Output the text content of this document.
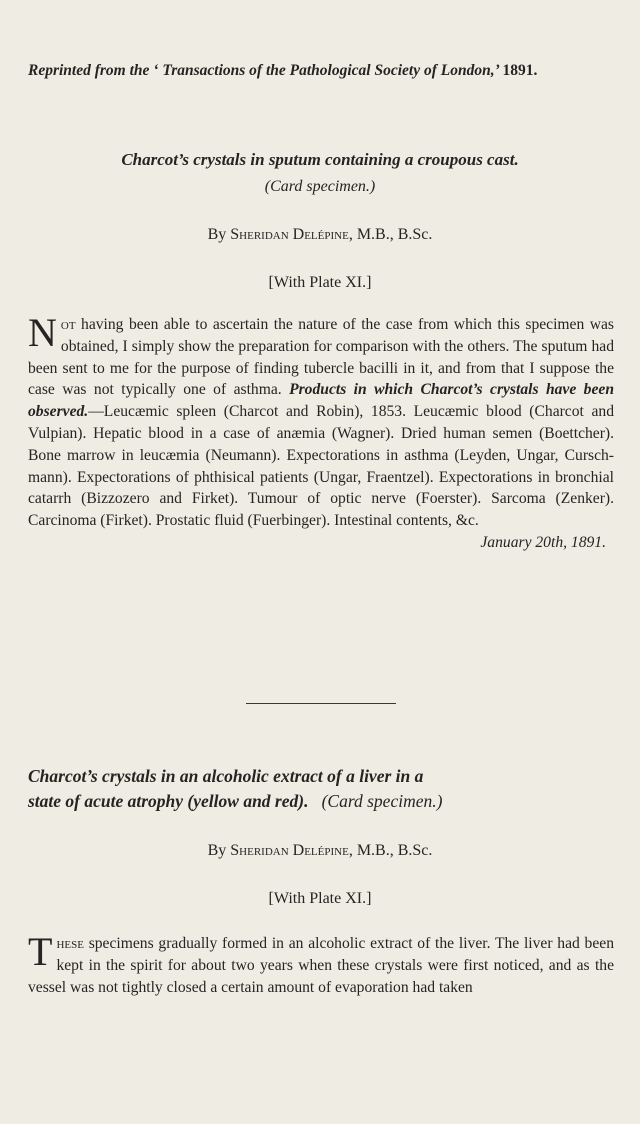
Reprinted from the ‘ Transactions of the Pathological Society of London,’ 1891.
Charcot’s crystals in sputum containing a croupous cast.
(Card specimen.)
By Sheridan Delépine, M.B., B.Sc.
[With Plate XI.]
Not having been able to ascertain the nature of the case from which this specimen was obtained, I simply show the preparation for comparison with the others. The sputum had been sent to me for the purpose of finding tubercle bacilli in it, and from that I suppose the case was not typically one of asthma. Products in which Charcot’s crystals have been observed.—Leucæmic spleen (Charcot and Robin), 1853. Leucæmic blood (Charcot and Vulpian). Hepatic blood in a case of anæmia (Wagner). Dried human semen (Boettcher). Bone marrow in leucæmia (Neumann). Expectorations in asthma (Leyden, Ungar, Cursch-mann). Expectorations of phthisical patients (Ungar, Fraentzel). Expectorations in bronchial catarrh (Bizzozero and Firket). Tumour of optic nerve (Foerster). Sarcoma (Zenker). Carcinoma (Firket). Prostatic fluid (Fuerbinger). Intestinal contents, &c.
January 20th, 1891.
Charcot’s crystals in an alcoholic extract of a liver in a
state of acute atrophy (yellow and red). (Card specimen.)
By Sheridan Delépine, M.B., B.Sc.
[With Plate XI.]
These specimens gradually formed in an alcoholic extract of the liver. The liver had been kept in the spirit for about two years when these crystals were first noticed, and as the vessel was not tightly closed a certain amount of evaporation had taken
